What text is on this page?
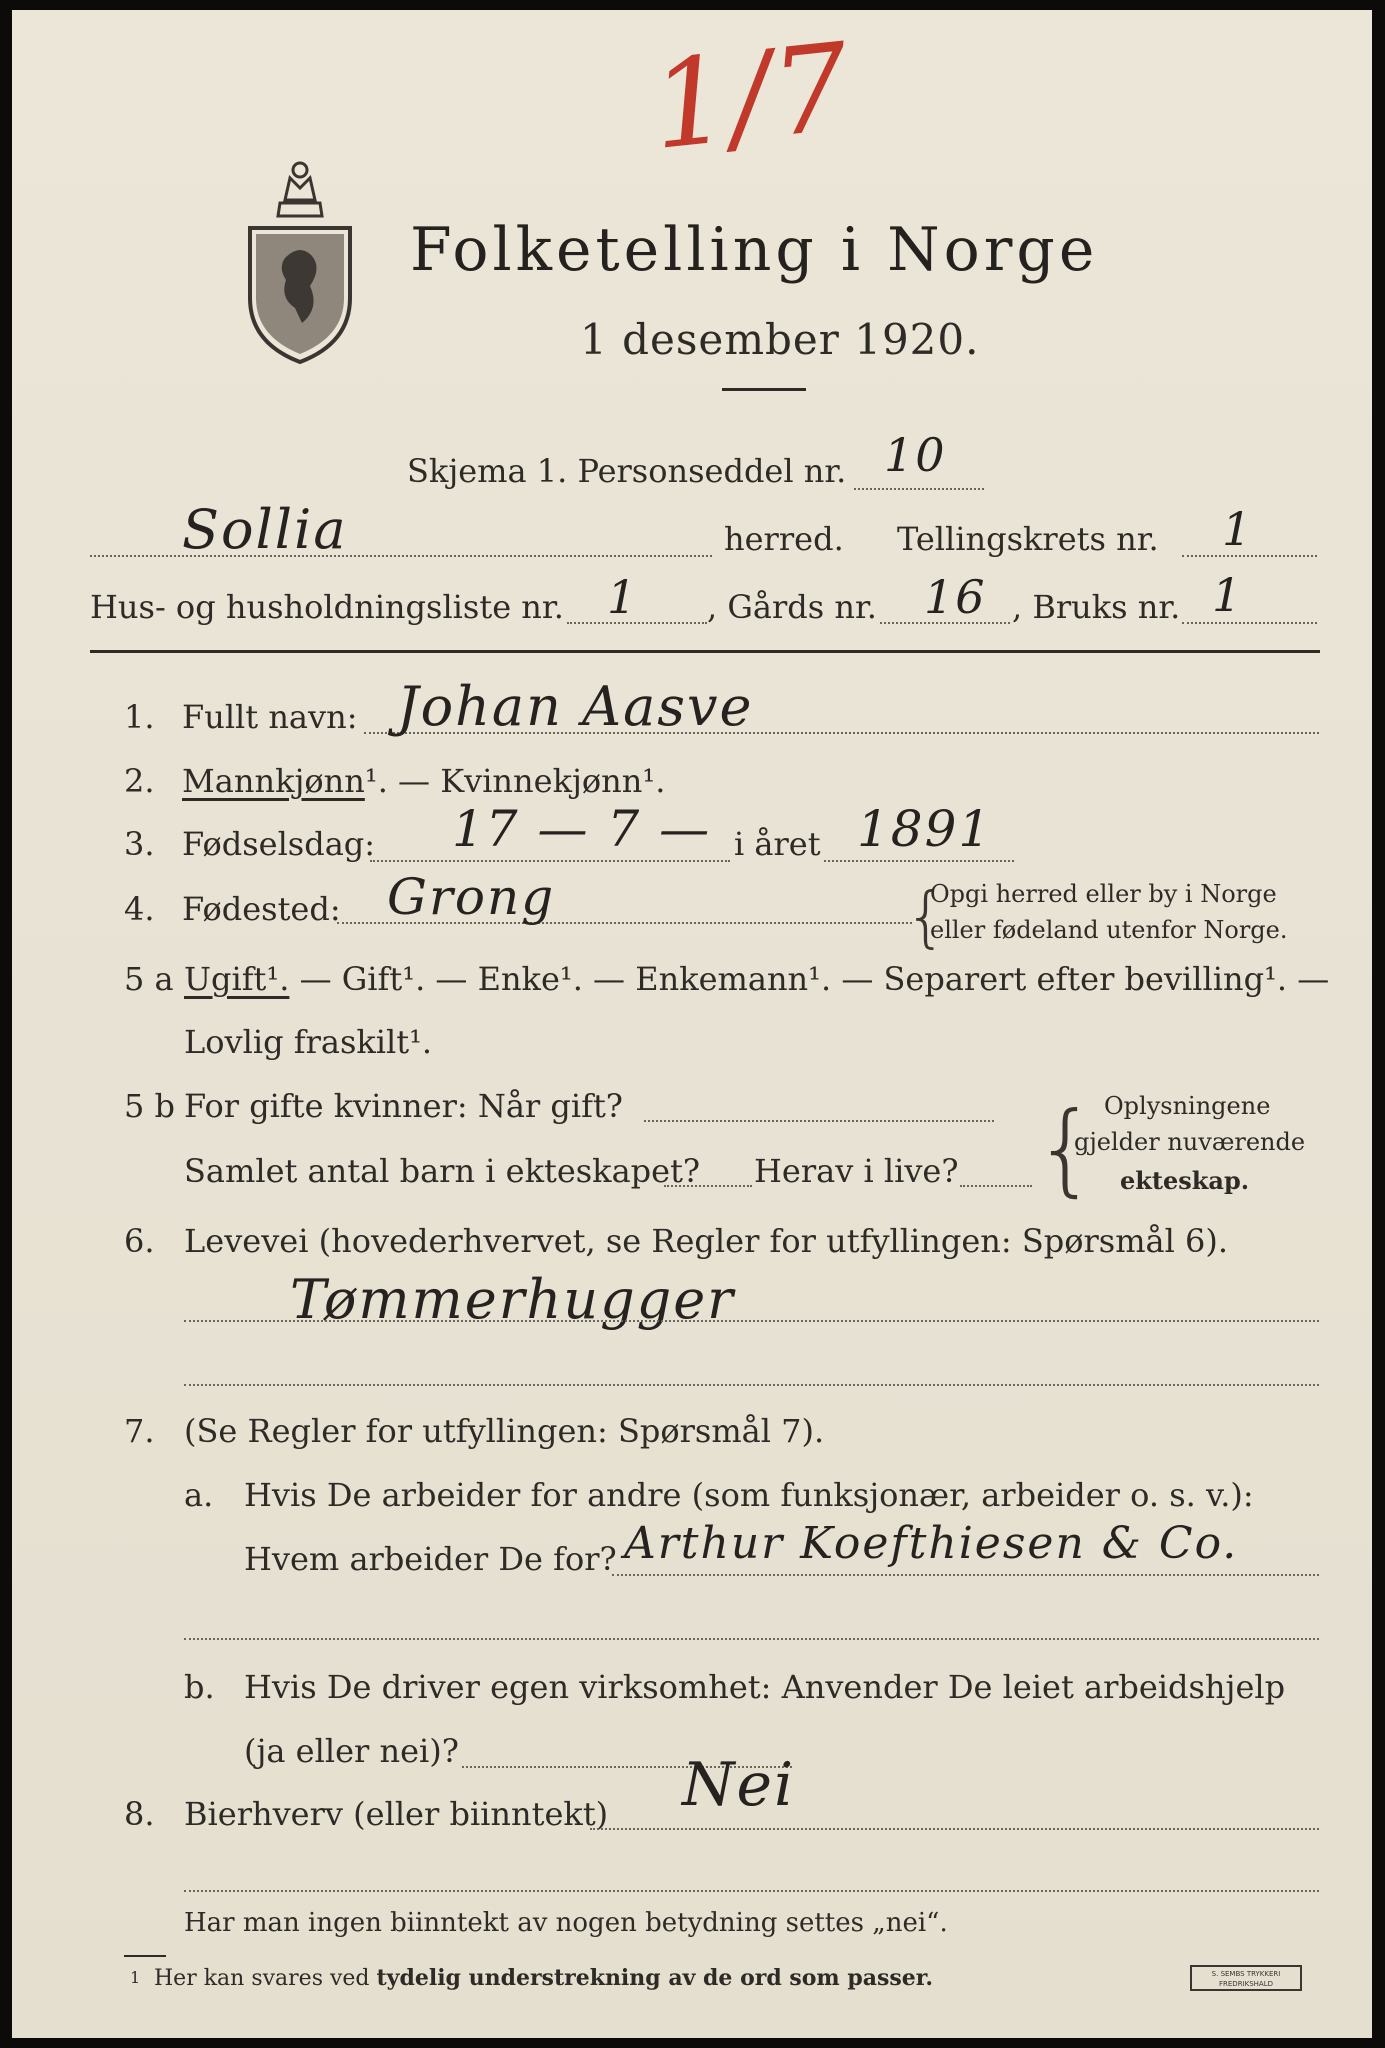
1/7
Folketelling i Norge
1 desember 1920.
Skjema 1. Personseddel nr. 10
Sollia	herred. Tellingskrets nr. 1
Hus- og husholdningsliste nr. 1 , Gårds nr. 16 , Bruks nr. 1
1. Fullt navn: Johan Aasve
2. Mannkjønn¹. — Kvinnekjønn¹.
3. Fødselsdag: 17 — 7 — i året 1891
4. Fødested: Grong	{
Opgi herred eller by i Norge
eller fødeland utenfor Norge.
5 a Ugift¹. — Gift¹. — Enke¹. — Enkemann¹. — Separert efter bevilling¹. —
Lovlig fraskilt¹.
5 b For gifte kvinner: Når gift?
Samlet antal barn i ekteskapet? Herav i live? { Oplysningene
gjelder nuværende
ekteskap.
6. Levevei (hovederhvervet, se Regler for utfyllingen: Spørsmål 6).
Tømmerhugger
7. (Se Regler for utfyllingen: Spørsmål 7).
a. Hvis De arbeider for andre (som funksjonær, arbeider o. s. v.):
Hvem arbeider De for? Arthur Koefthiesen & Co.
b. Hvis De driver egen virksomhet: Anvender De leiet arbeidshjelp
(ja eller nei)?
8. Bierhverv (eller biinntekt) Nei
Har man ingen biinntekt av nogen betydning settes „nei“.
1 Her kan svares ved tydelig understrekning av de ord som passer.	S. SEMBS TRYKKERI FREDRIKSHALD
